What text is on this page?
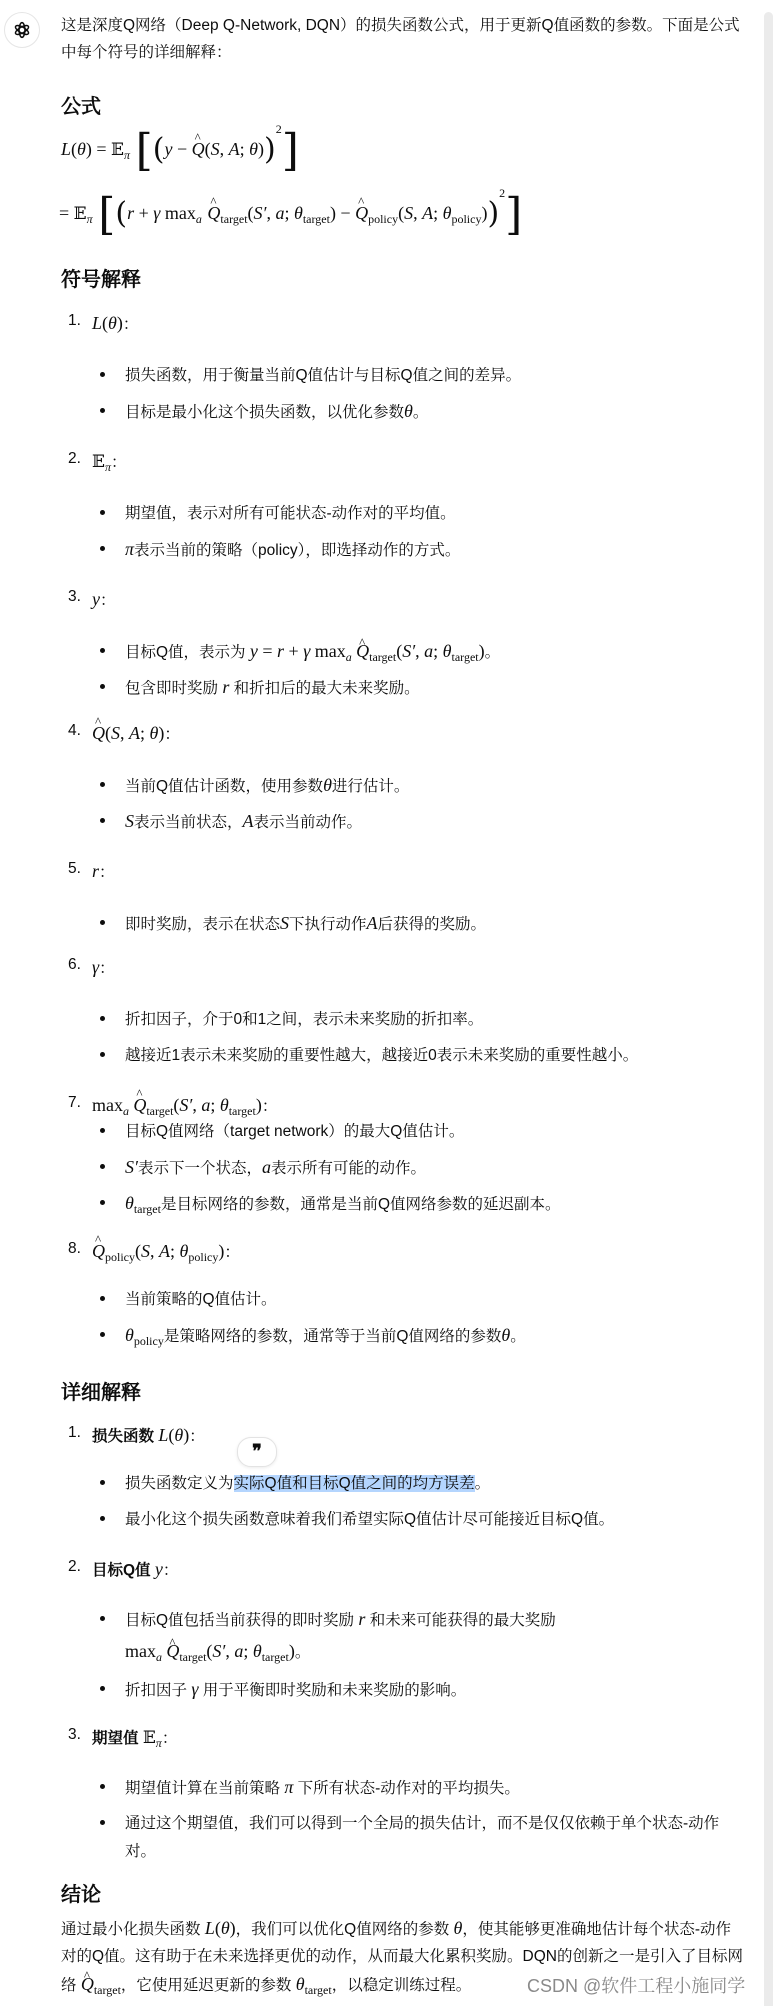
这是深度Q网络（Deep Q-Network, DQN）的损失函数公式，用于更新Q值函数的参数。下面是公式

中每个符号的详细解释：

公式
L(θ) = 𝔼$_\pi$ [(y − ^ Q(S, A; θ))$^2$]
= 𝔼$_\pi$ [(r + γ $\max_a$ ^ $Q_{target}(S'$, a; $\theta_{target}$) − ^ $Q_{policy}(S$, A; $\theta_{policy}))^2$]
符号解释
1. L(θ)：
损失函数，用于衡量当前Q值估计与目标Q值之间的差异。
目标是最小化这个损失函数，以优化参数θ。
2. 𝔼$_\pi$：
期望值，表示对所有可能状态-动作对的平均值。
π表示当前的策略（policy），即选择动作的方式。
3. y：
目标Q值，表示为 y = r + γ $\max_a$ ^ $Q_{target}(S'$, a; $\theta_{target}$)。
包含即时奖励 r 和折扣后的最大未来奖励。
4. ^ Q(S, A; θ)：
当前Q值估计函数，使用参数θ进行估计。
S表示当前状态，A表示当前动作。
5. r：
即时奖励，表示在状态S下执行动作A后获得的奖励。
6. γ：
折扣因子，介于0和1之间，表示未来奖励的折扣率。
越接近1表示未来奖励的重要性越大，越接近0表示未来奖励的重要性越小。
7. $\max_a$ ^ $Q_{target}(S'$, a; $\theta_{target}$)：
目标Q值网络（target network）的最大Q值估计。
S′表示下一个状态，a表示所有可能的动作。
$\theta_{target}$是目标网络的参数，通常是当前Q值网络参数的延迟副本。
8. ^ $Q_{policy}(S$, A; $\theta_{policy}$)：
当前策略的Q值估计。
$\theta_{policy}$是策略网络的参数，通常等于当前Q值网络的参数θ。
详细解释
1. 损失函数 L(θ)：
损失函数定义为实际Q值和目标Q值之间的均方误差。
最小化这个损失函数意味着我们希望实际Q值估计尽可能接近目标Q值。
2. 目标Q值 y：
目标Q值包括当前获得的即时奖励 r 和未来可能获得的最大奖励
$\max_a$ ^ $Q_{target}(S'$, a; $\theta_{target}$)。
折扣因子 γ 用于平衡即时奖励和未来奖励的影响。
3. 期望值 𝔼$_\pi$：
期望值计算在当前策略 π 下所有状态-动作对的平均损失。
通过这个期望值，我们可以得到一个全局的损失估计，而不是仅仅依赖于单个状态-动作
对。
结论

通过最小化损失函数 L(θ)，我们可以优化Q值网络的参数 θ，使其能够更准确地估计每个状态-动作

对的Q值。这有助于在未来选择更优的动作，从而最大化累积奖励。DQN的创新之一是引入了目标网

络 ^ $Q_{target}$，它使用延迟更新的参数 $\theta_{target}$，以稳定训练过程。

❞
CSDN @软件工程小施同学
